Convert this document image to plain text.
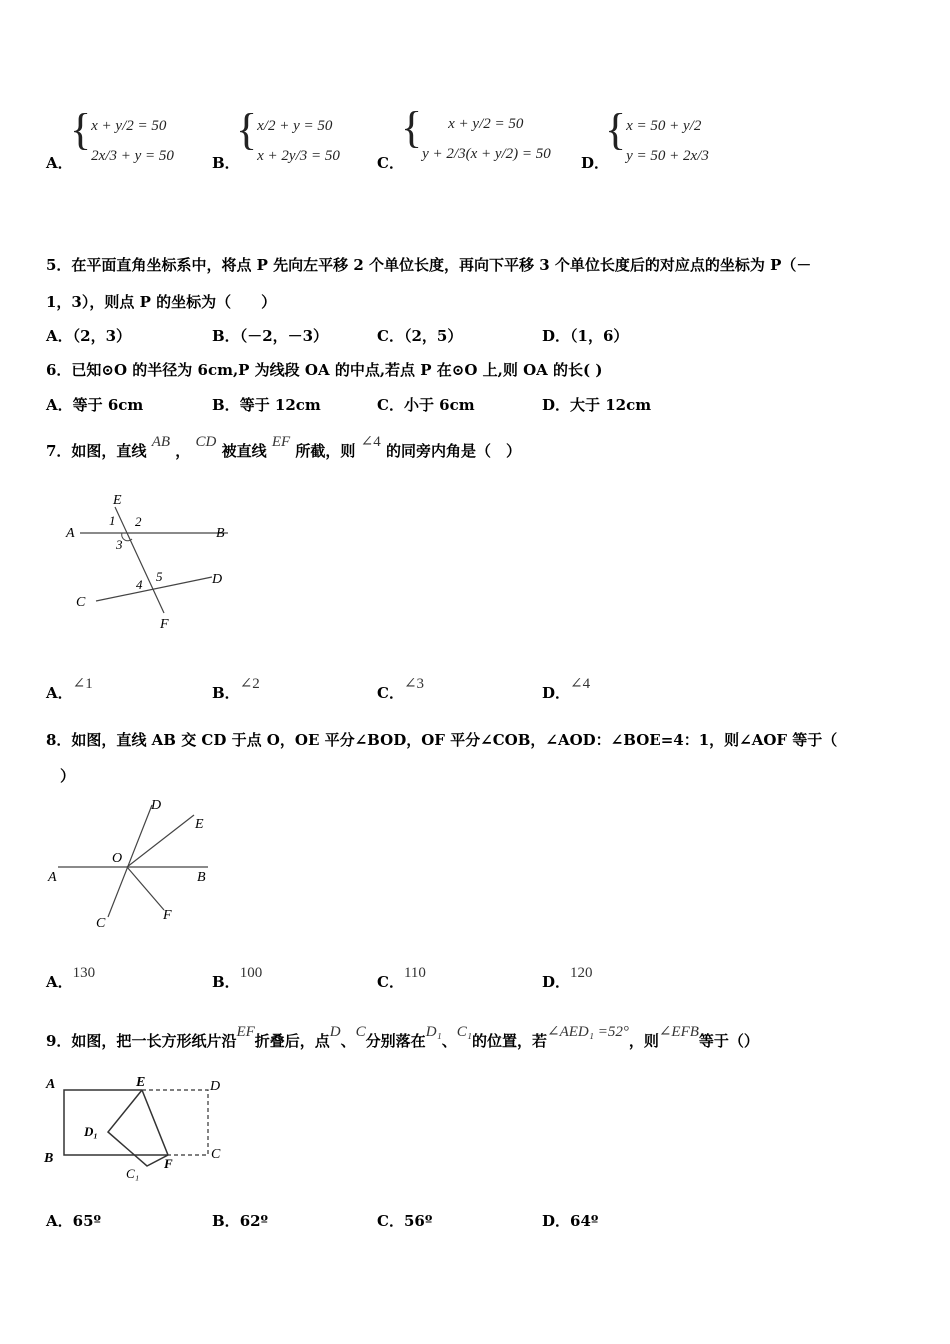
A．
{ x + y/2 = 50
2x/3 + y = 50	B．
{ x/2 + y = 50
x + 2y/3 = 50 C．
{	x + y/2 = 50
y + 2/3(x + y/2) = 50
D．
{ x = 50 + y/2
y = 50 + 2x/3
5．在平面直角坐标系中，将点 P 先向左平移 2 个单位长度，再向下平移 3 个单位长度后的对应点的坐标为 P（－
1，3），则点 P 的坐标为（　　）
A．（2，3）	B．（－2，－3）	C．（2，5）	D．（1，6）
6．已知⊙O 的半径为 6cm,P 为线段 OA 的中点,若点 P 在⊙O 上,则 OA 的长( )
A．等于 6cm	B．等于 12cm	C．小于 6cm	D．大于 12cm
7．如图，直线 AB ， CD 被直线 EF 所截，则 ∠4 的同旁内角是（　）
E
A
1 2
B
3
5
4	D
C
F
A．∠1	B．∠2	C．∠3	D．∠4
8．如图，直线 AB 交 CD 于点 O，OE 平分∠BOD，OF 平分∠COB，∠AOD：∠BOE=4：1，则∠AOF 等于（
）
D
E
O
A	B
C
F
A．130	B．100	C．110	D．120
9．如图，把一长方形纸片沿EF折叠后，点D、C分别落在D₁、C₁的位置，若∠AED₁ =52°，则∠EFB等于（）
A	E	D
D₁
B
C₁
F
C
A．65º	B．62º	C．56º	D．64º
